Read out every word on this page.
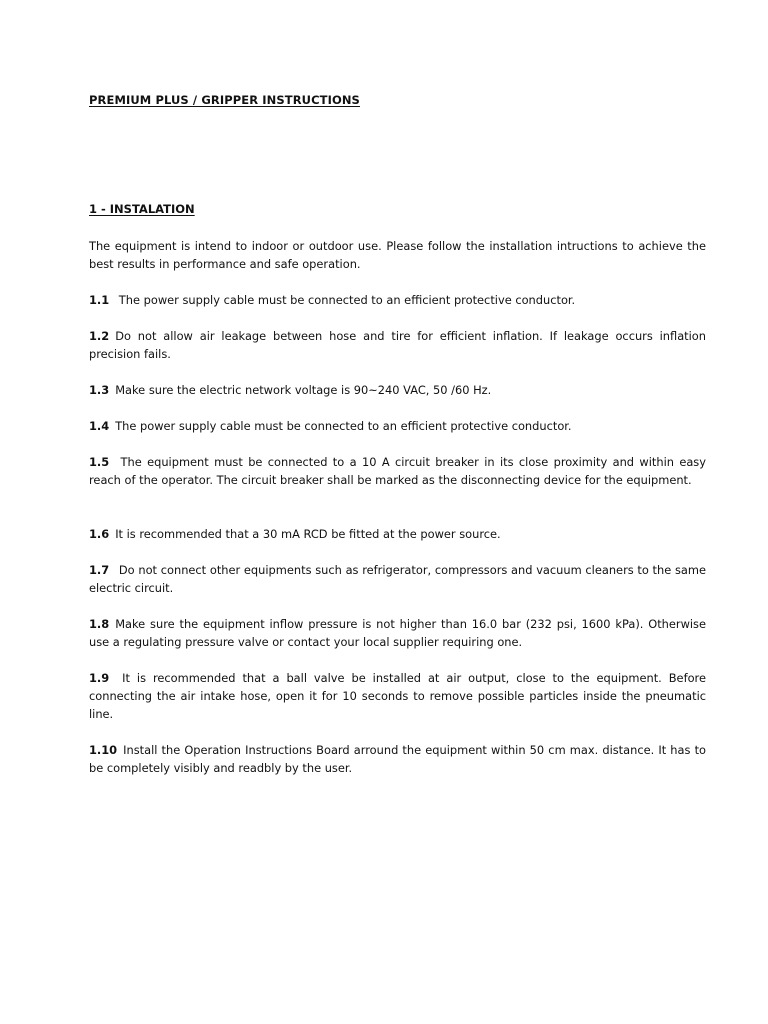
PREMIUM PLUS / GRIPPER INSTRUCTIONS
1 - INSTALATION

The equipment is intend to indoor or outdoor use. Please follow the installation intructions to achieve the best results in performance and safe operation.

1.1 The power supply cable must be connected to an efficient protective conductor.

1.2 Do not allow air leakage between hose and tire for efficient inflation. If leakage occurs inflation precision fails.

1.3 Make sure the electric network voltage is 90~240 VAC, 50 /60 Hz.

1.4 The power supply cable must be connected to an efficient protective conductor.

1.5 The equipment must be connected to a 10 A circuit breaker in its close proximity and within easy reach of the operator. The circuit breaker shall be marked as the disconnecting device for the equipment.

1.6 It is recommended that a 30 mA RCD be fitted at the power source.

1.7 Do not connect other equipments such as refrigerator, compressors and vacuum cleaners to the same electric circuit.

1.8 Make sure the equipment inflow pressure is not higher than 16.0 bar (232 psi, 1600 kPa). Otherwise use a regulating pressure valve or contact your local supplier requiring one.

1.9 It is recommended that a ball valve be installed at air output, close to the equipment. Before connecting the air intake hose, open it for 10 seconds to remove possible particles inside the pneumatic line.

1.10 Install the Operation Instructions Board arround the equipment within 50 cm max. distance. It has to be completely visibly and readbly by the user.
